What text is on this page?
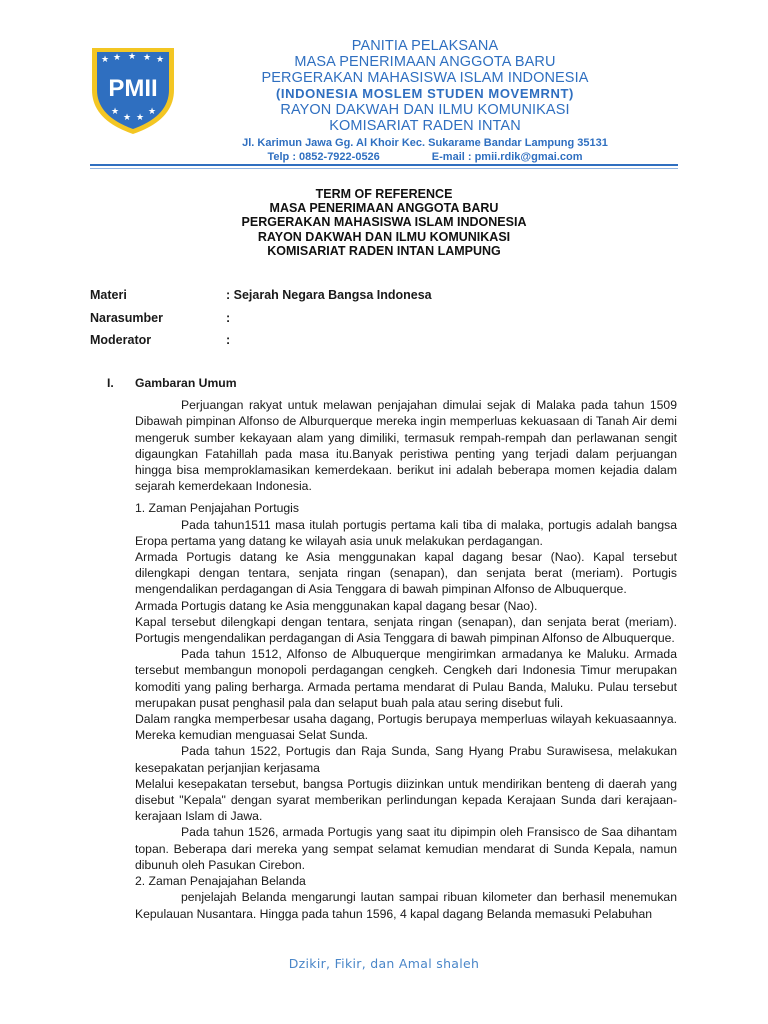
★ ★ ★ ★ ★
★
★ ★
★
PMII
PANITIA PELAKSANA
MASA PENERIMAAN ANGGOTA BARU
PERGERAKAN MAHASISWA ISLAM INDONESIA
(INDONESIA MOSLEM STUDEN MOVEMRNT)
RAYON DAKWAH DAN ILMU KOMUNIKASI
KOMISARIAT RADEN INTAN
Jl. Karimun Jawa Gg. Al Khoir Kec. Sukarame Bandar Lampung 35131
Telp : 0852-7922-0526	E-mail : pmii.rdik@gmai.com
TERM OF REFERENCE
MASA PENERIMAAN ANGGOTA BARU
PERGERAKAN MAHASISWA ISLAM INDONESIA
RAYON DAKWAH DAN ILMU KOMUNIKASI
KOMISARIAT RADEN INTAN LAMPUNG
Materi	: Sejarah Negara Bangsa Indonesa
Narasumber	:
Moderator	:
I.	Gambaran Umum

Perjuangan rakyat untuk melawan penjajahan dimulai sejak di Malaka pada tahun 1509 Dibawah pimpinan Alfonso de Alburquerque mereka ingin memperluas kekuasaan di Tanah Air demi mengeruk sumber kekayaan alam yang dimiliki, termasuk rempah-rempah dan perlawanan sengit digaungkan Fatahillah pada masa itu.Banyak peristiwa penting yang terjadi dalam perjuangan hingga bisa memproklamasikan kemerdekaan. berikut ini adalah beberapa momen kejadia dalam sejarah kemerdekaan Indonesia.

1. Zaman Penjajahan Portugis

Pada tahun1511 masa itulah portugis pertama kali tiba di malaka, portugis adalah bangsa Eropa pertama yang datang ke wilayah asia unuk melakukan perdagangan.

Armada Portugis datang ke Asia menggunakan kapal dagang besar (Nao). Kapal tersebut dilengkapi dengan tentara, senjata ringan (senapan), dan senjata berat (meriam). Portugis mengendalikan perdagangan di Asia Tenggara di bawah pimpinan Alfonso de Albuquerque.

Armada Portugis datang ke Asia menggunakan kapal dagang besar (Nao).

Kapal tersebut dilengkapi dengan tentara, senjata ringan (senapan), dan senjata berat (meriam). Portugis mengendalikan perdagangan di Asia Tenggara di bawah pimpinan Alfonso de Albuquerque.

Pada tahun 1512, Alfonso de Albuquerque mengirimkan armadanya ke Maluku. Armada tersebut membangun monopoli perdagangan cengkeh. Cengkeh dari Indonesia Timur merupakan komoditi yang paling berharga. Armada pertama mendarat di Pulau Banda, Maluku. Pulau tersebut merupakan pusat penghasil pala dan selaput buah pala atau sering disebut fuli.

Dalam rangka memperbesar usaha dagang, Portugis berupaya memperluas wilayah kekuasaannya. Mereka kemudian menguasai Selat Sunda.

Pada tahun 1522, Portugis dan Raja Sunda, Sang Hyang Prabu Surawisesa, melakukan kesepakatan perjanjian kerjasama

Melalui kesepakatan tersebut, bangsa Portugis diizinkan untuk mendirikan benteng di daerah yang disebut "Kepala" dengan syarat memberikan perlindungan kepada Kerajaan Sunda dari kerajaan-kerajaan Islam di Jawa.

Pada tahun 1526, armada Portugis yang saat itu dipimpin oleh Fransisco de Saa dihantam topan. Beberapa dari mereka yang sempat selamat kemudian mendarat di Sunda Kepala, namun dibunuh oleh Pasukan Cirebon.

2. Zaman Penajajahan Belanda

penjelajah Belanda mengarungi lautan sampai ribuan kilometer dan berhasil menemukan Kepulauan Nusantara. Hingga pada tahun 1596, 4 kapal dagang Belanda memasuki Pelabuhan

Dzikir, Fikir, dan Amal shaleh
